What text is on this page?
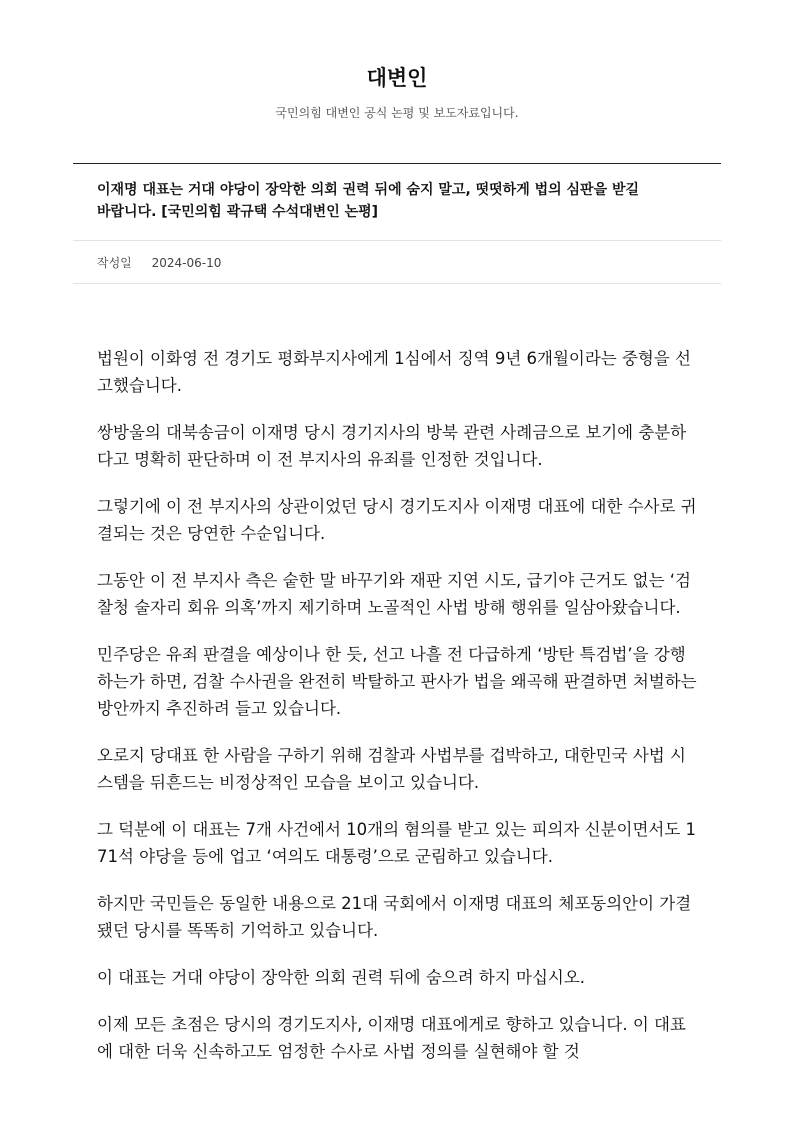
대변인
국민의힘 대변인 공식 논평 및 보도자료입니다.
이재명 대표는 거대 야당이 장악한 의회 권력 뒤에 숨지 말고, 떳떳하게 법의 심판을 받길 바랍니다. [국민의힘 곽규택 수석대변인 논평]
작성일 2024-06-10

법원이 이화영 전 경기도 평화부지사에게 1심에서 징역 9년 6개월이라는 중형을 선고했습니다.

쌍방울의 대북송금이 이재명 당시 경기지사의 방북 관련 사례금으로 보기에 충분하다고 명확히 판단하며 이 전 부지사의 유죄를 인정한 것입니다.

그렇기에 이 전 부지사의 상관이었던 당시 경기도지사 이재명 대표에 대한 수사로 귀결되는 것은 당연한 수순입니다.

그동안 이 전 부지사 측은 숱한 말 바꾸기와 재판 지연 시도, 급기야 근거도 없는 ‘검찰청 술자리 회유 의혹’까지 제기하며 노골적인 사법 방해 행위를 일삼아왔습니다.

민주당은 유죄 판결을 예상이나 한 듯, 선고 나흘 전 다급하게 ‘방탄 특검법’을 강행하는가 하면, 검찰 수사권을 완전히 박탈하고 판사가 법을 왜곡해 판결하면 처벌하는 방안까지 추진하려 들고 있습니다.

오로지 당대표 한 사람을 구하기 위해 검찰과 사법부를 겁박하고, 대한민국 사법 시스템을 뒤흔드는 비정상적인 모습을 보이고 있습니다.

그 덕분에 이 대표는 7개 사건에서 10개의 혐의를 받고 있는 피의자 신분이면서도 171석 야당을 등에 업고 ‘여의도 대통령’으로 군림하고 있습니다.

하지만 국민들은 동일한 내용으로 21대 국회에서 이재명 대표의 체포동의안이 가결됐던 당시를 똑똑히 기억하고 있습니다.

이 대표는 거대 야당이 장악한 의회 권력 뒤에 숨으려 하지 마십시오.

이제 모든 초점은 당시의 경기도지사, 이재명 대표에게로 향하고 있습니다. 이 대표에 대한 더욱 신속하고도 엄정한 수사로 사법 정의를 실현해야 할 것
